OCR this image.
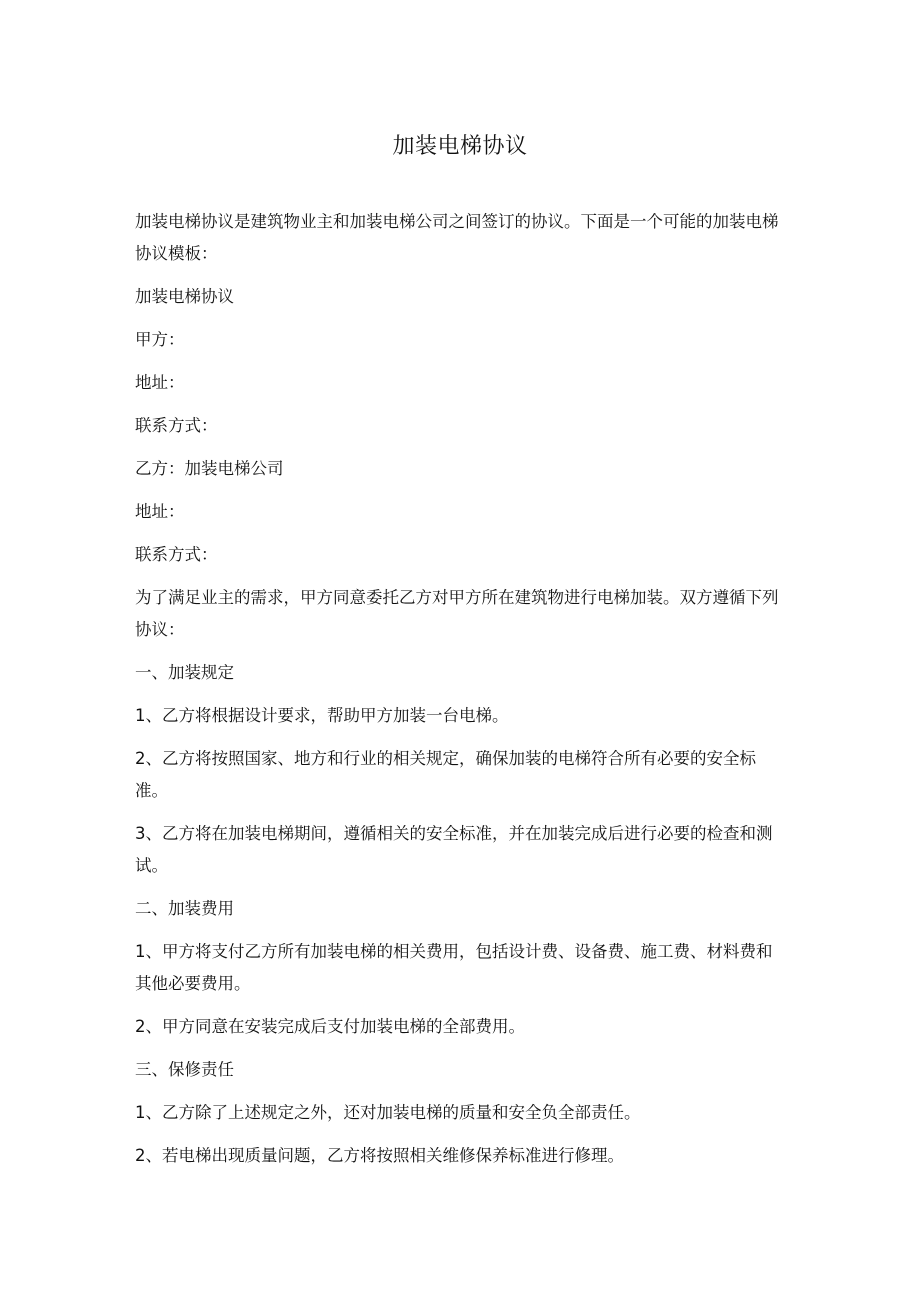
加装电梯协议

加装电梯协议是建筑物业主和加装电梯公司之间签订的协议。下面是一个可能的加装电梯协议模板：

加装电梯协议

甲方：

地址：

联系方式：

乙方：加装电梯公司

地址：

联系方式：

为了满足业主的需求，甲方同意委托乙方对甲方所在建筑物进行电梯加装。双方遵循下列协议：

一、加装规定

1、乙方将根据设计要求，帮助甲方加装一台电梯。

2、乙方将按照国家、地方和行业的相关规定，确保加装的电梯符合所有必要的安全标准。

3、乙方将在加装电梯期间，遵循相关的安全标准，并在加装完成后进行必要的检查和测试。

二、加装费用

1、甲方将支付乙方所有加装电梯的相关费用，包括设计费、设备费、施工费、材料费和其他必要费用。

2、甲方同意在安装完成后支付加装电梯的全部费用。

三、保修责任

1、乙方除了上述规定之外，还对加装电梯的质量和安全负全部责任。

2、若电梯出现质量问题，乙方将按照相关维修保养标准进行修理。
